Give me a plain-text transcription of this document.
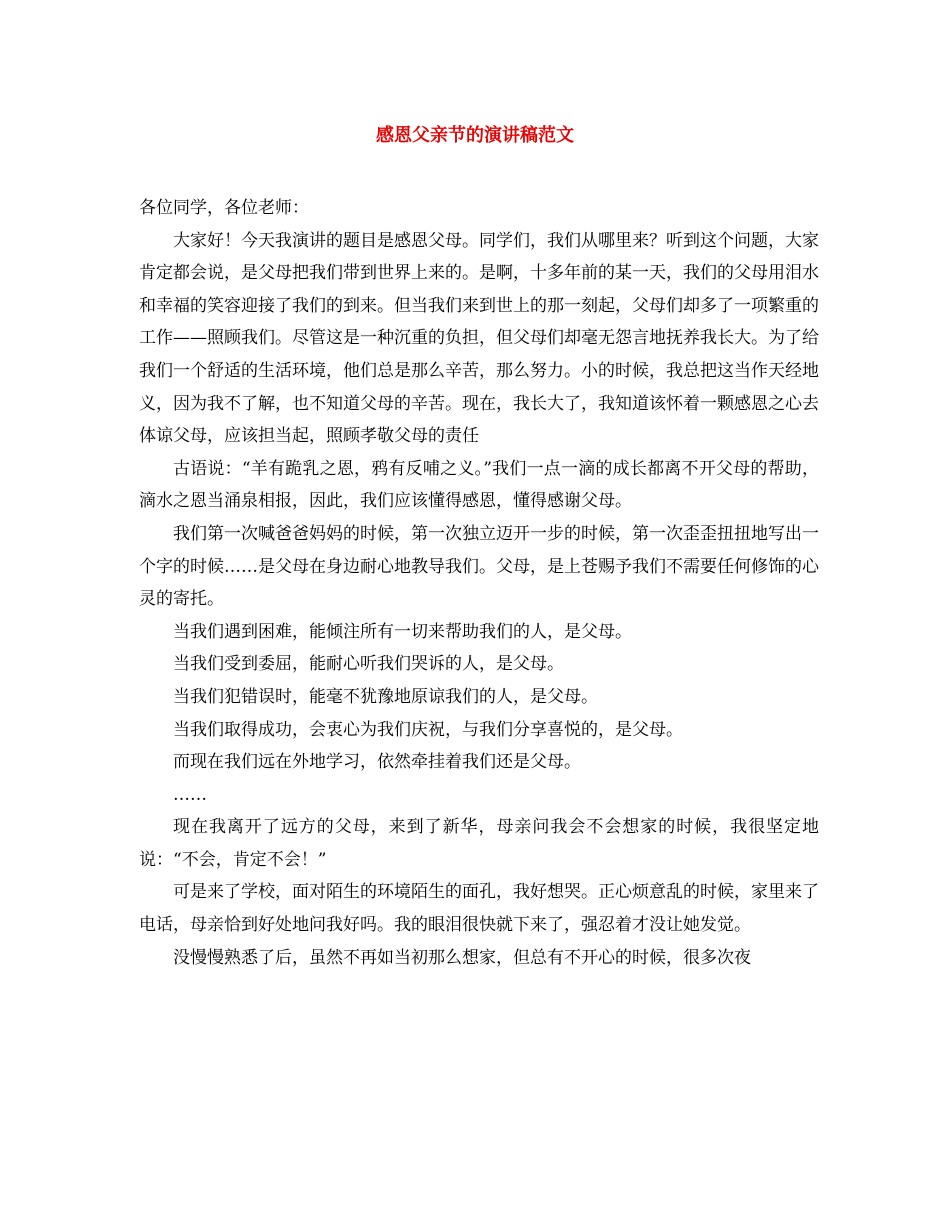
感恩父亲节的演讲稿范文

各位同学，各位老师：

大家好！今天我演讲的题目是感恩父母。同学们，我们从哪里来？听到这个问题，大家肯定都会说，是父母把我们带到世界上来的。是啊，十多年前的某一天，我们的父母用泪水和幸福的笑容迎接了我们的到来。但当我们来到世上的那一刻起，父母们却多了一项繁重的工作——照顾我们。尽管这是一种沉重的负担，但父母们却毫无怨言地抚养我长大。为了给我们一个舒适的生活环境，他们总是那么辛苦，那么努力。小的时候，我总把这当作天经地义，因为我不了解，也不知道父母的辛苦。现在，我长大了，我知道该怀着一颗感恩之心去体谅父母，应该担当起，照顾孝敬父母的责任

古语说：“羊有跪乳之恩，鸦有反哺之义。”我们一点一滴的成长都离不开父母的帮助，滴水之恩当涌泉相报，因此，我们应该懂得感恩，懂得感谢父母。

我们第一次喊爸爸妈妈的时候，第一次独立迈开一步的时候，第一次歪歪扭扭地写出一个字的时候……是父母在身边耐心地教导我们。父母，是上苍赐予我们不需要任何修饰的心灵的寄托。

当我们遇到困难，能倾注所有一切来帮助我们的人，是父母。

当我们受到委屈，能耐心听我们哭诉的人，是父母。

当我们犯错误时，能毫不犹豫地原谅我们的人，是父母。

当我们取得成功，会衷心为我们庆祝，与我们分享喜悦的，是父母。

而现在我们远在外地学习，依然牵挂着我们还是父母。

……

现在我离开了远方的父母，来到了新华，母亲问我会不会想家的时候，我很坚定地说：“不会，肯定不会！”

可是来了学校，面对陌生的环境陌生的面孔，我好想哭。正心烦意乱的时候，家里来了电话，母亲恰到好处地问我好吗。我的眼泪很快就下来了，强忍着才没让她发觉。

没慢慢熟悉了后，虽然不再如当初那么想家，但总有不开心的时候，很多次夜
